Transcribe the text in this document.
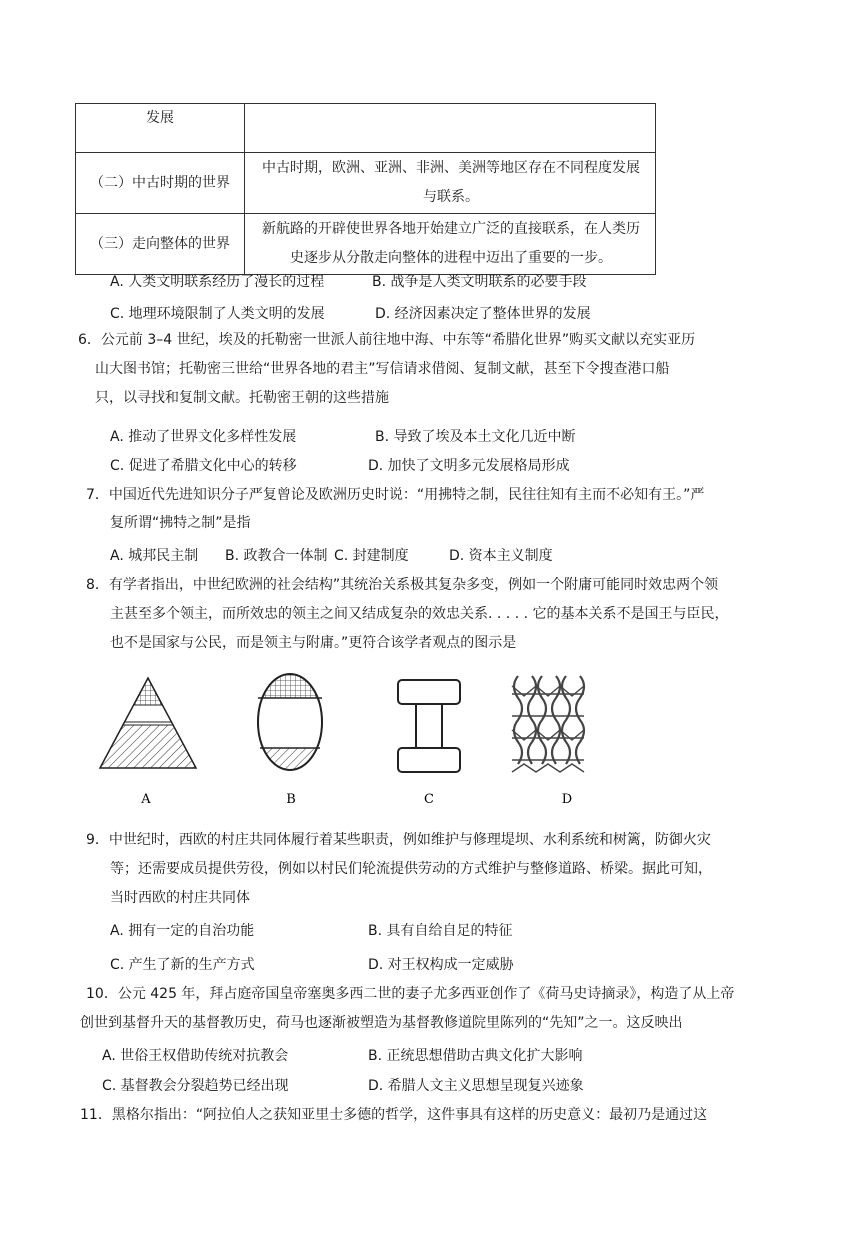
发展	
（二）中古时期的世界	中古时期，欧洲、亚洲、非洲、美洲等地区存在不同程度发展
与联系。

（三）走向整体的世界	新航路的开辟使世界各地开始建立广泛的直接联系，在人类历
史逐步从分散走向整体的进程中迈出了重要的一步。
A. 人类文明联系经历了漫长的过程	B. 战争是人类文明联系的必要手段
C. 地理环境限制了人类文明的发展	D. 经济因素决定了整体世界的发展
6．公元前 3–4 世纪，埃及的托勒密一世派人前往地中海、中东等“希腊化世界”购买文献以充实亚历
山大图书馆；托勒密三世给“世界各地的君主”写信请求借阅、复制文献，甚至下令搜查港口船
只，以寻找和复制文献。托勒密王朝的这些措施
A. 推动了世界文化多样性发展	B. 导致了埃及本土文化几近中断
C. 促进了希腊文化中心的转移	D. 加快了文明多元发展格局形成
7．中国近代先进知识分子严复曾论及欧洲历史时说：“用拂特之制，民往往知有主而不必知有王。”严
复所谓“拂特之制”是指
A. 城邦民主制 B. 政教合一体制 C. 封建制度	D. 资本主义制度
8．有学者指出，中世纪欧洲的社会结构”其统治关系极其复杂多变，例如一个附庸可能同时效忠两个领
主甚至多个领主，而所效忠的领主之间又结成复杂的效忠关系. . . . . 它的基本关系不是国王与臣民，
也不是国家与公民，而是领主与附庸。”更符合该学者观点的图示是
A	B	C	D
9．中世纪时，西欧的村庄共同体履行着某些职责，例如维护与修理堤坝、水利系统和树篱，防御火灾
等；还需要成员提供劳役，例如以村民们轮流提供劳动的方式维护与整修道路、桥梁。据此可知，
当时西欧的村庄共同体
A. 拥有一定的自治功能	B. 具有自给自足的特征
C. 产生了新的生产方式	D. 对王权构成一定威胁
10．公元 425 年，拜占庭帝国皇帝塞奥多西二世的妻子尤多西亚创作了《荷马史诗摘录》，构造了从上帝
创世到基督升天的基督教历史，荷马也逐渐被塑造为基督教修道院里陈列的“先知”之一。这反映出
A. 世俗王权借助传统对抗教会	B. 正统思想借助古典文化扩大影响
C. 基督教会分裂趋势已经出现	D. 希腊人文主义思想呈现复兴迹象
11．黑格尔指出：“阿拉伯人之获知亚里士多德的哲学，这件事具有这样的历史意义：最初乃是通过这
